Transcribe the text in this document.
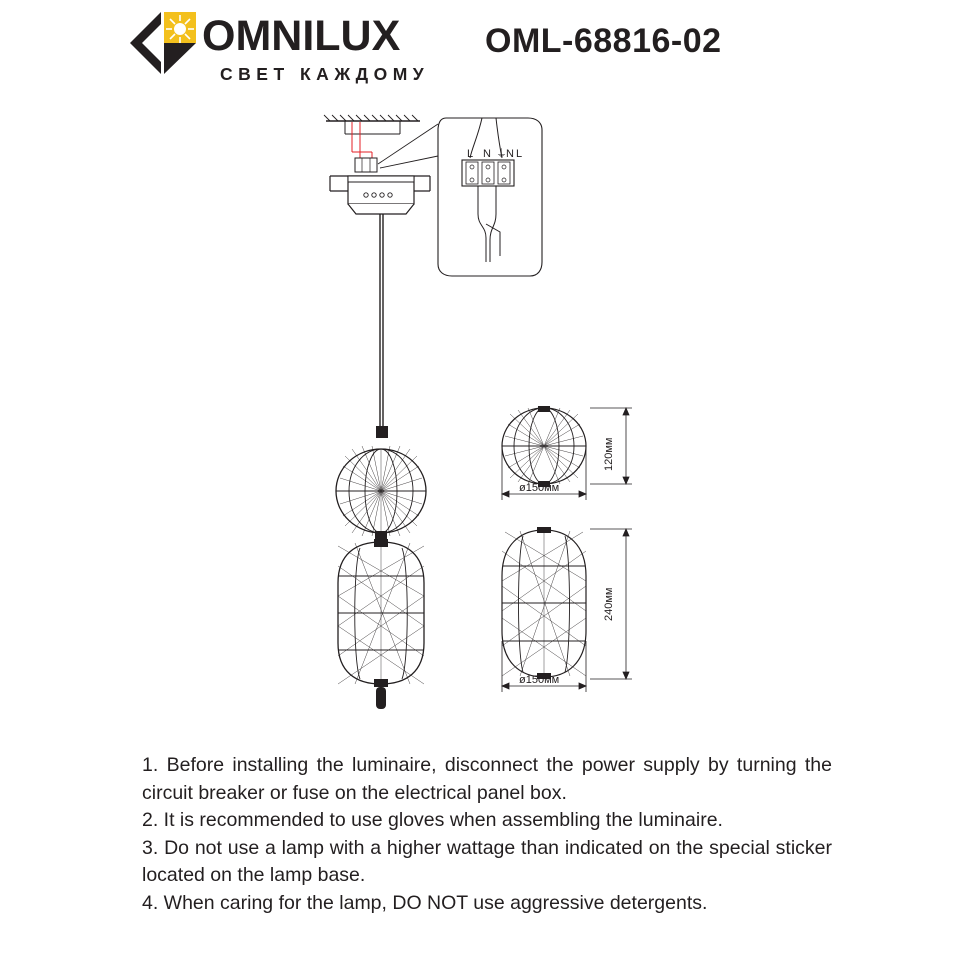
OMNILUX
СВЕТ КАЖДОМУ
OML-68816-02
L N ⏚ N L
120мм
ø150мм
240мм
ø150мм

1. Before installing the luminaire, disconnect the power supply by turning the circuit breaker or fuse on the electrical panel box.

2. It is recommended to use gloves when assembling the luminaire.

3. Do not use a lamp with a higher wattage than indicated on the special sticker located on the lamp base.

4. When caring for the lamp, DO NOT use aggressive detergents.
